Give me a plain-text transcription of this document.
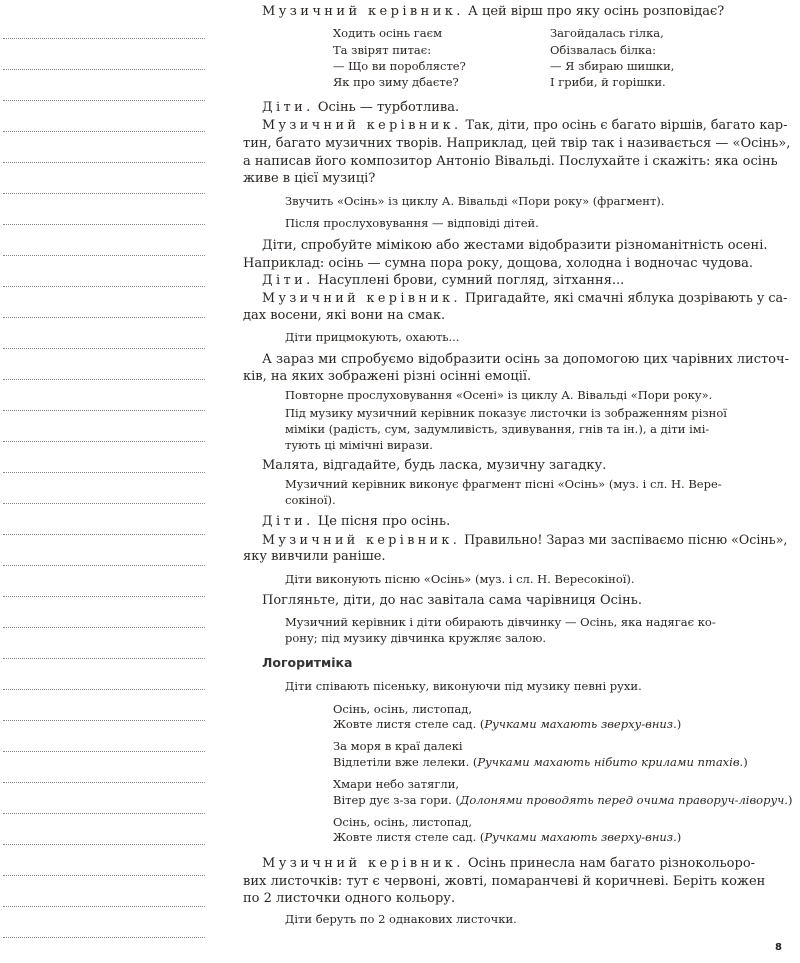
Музичний керівник. А цей вірш про яку осінь розповідає?

Ходить осінь гаєм

Та звірят питає:

— Що ви пороблясте?

Як про зиму дбаєте?

Загойдалась гілка,

Обізвалась білка:

— Я збираю шишки,

І гриби, й горішки.

Діти. Осінь — турботлива.

Музичний керівник. Так, діти, про осінь є багато віршів, багато кар-

тин, багато музичних творів. Наприклад, цей твір так і називається — «Осінь»,

а написав його композитор Антоніо Вівальді. Послухайте і скажіть: яка осінь

живе в цієї музиці?

Звучить «Осінь» із циклу А. Вівальді «Пори року» (фрагмент).

Після прослуховування — відповіді дітей.

Діти, спробуйте мімікою або жестами відобразити різноманітність осені.

Наприклад: осінь — сумна пора року, дощова, холодна і водночас чудова.

Діти. Насуплені брови, сумний погляд, зітхання...

Музичний керівник. Пригадайте, які смачні яблука дозрівають у са-

дах восени, які вони на смак.

Діти прицмокують, охають...

А зараз ми спробуємо відобразити осінь за допомогою цих чарівних листоч-

ків, на яких зображені різні осінні емоції.

Повторне прослуховування «Осені» із циклу А. Вівальді «Пори року».

Під музику музичний керівник показує листочки із зображенням різної

міміки (радість, сум, задумливість, здивування, гнів та ін.), а діти імі-

тують ці мімічні вирази.

Малята, відгадайте, будь ласка, музичну загадку.

Музичний керівник виконує фрагмент пісні «Осінь» (муз. і сл. Н. Вере-

сокіної).

Діти. Це пісня про осінь.

Музичний керівник. Правильно! Зараз ми заспіваємо пісню «Осінь»,

яку вивчили раніше.

Діти виконують пісню «Осінь» (муз. і сл. Н. Вересокіної).

Погляньте, діти, до нас завітала сама чарівниця Осінь.

Музичний керівник і діти обирають дівчинку — Осінь, яка надягає ко-

рону; під музику дівчинка кружляє залою.

Логоритміка

Діти співають пісеньку, виконуючи під музику певні рухи.

Осінь, осінь, листопад,

Жовте листя стеле сад. (Ручками махають зверху-вниз.)

За моря в краї далекі

Відлетіли вже лелеки. (Ручками махають нібито крилами птахів.)

Хмари небо затягли,

Вітер дує з-за гори. (Долонями проводять перед очима праворуч-ліворуч.)

Осінь, осінь, листопад,

Жовте листя стеле сад. (Ручками махають зверху-вниз.)

Музичний керівник. Осінь принесла нам багато різнокольоро-

вих листочків: тут є червоні, жовті, помаранчеві й коричневі. Беріть кожен

по 2 листочки одного кольору.

Діти беруть по 2 однакових листочки.

8
